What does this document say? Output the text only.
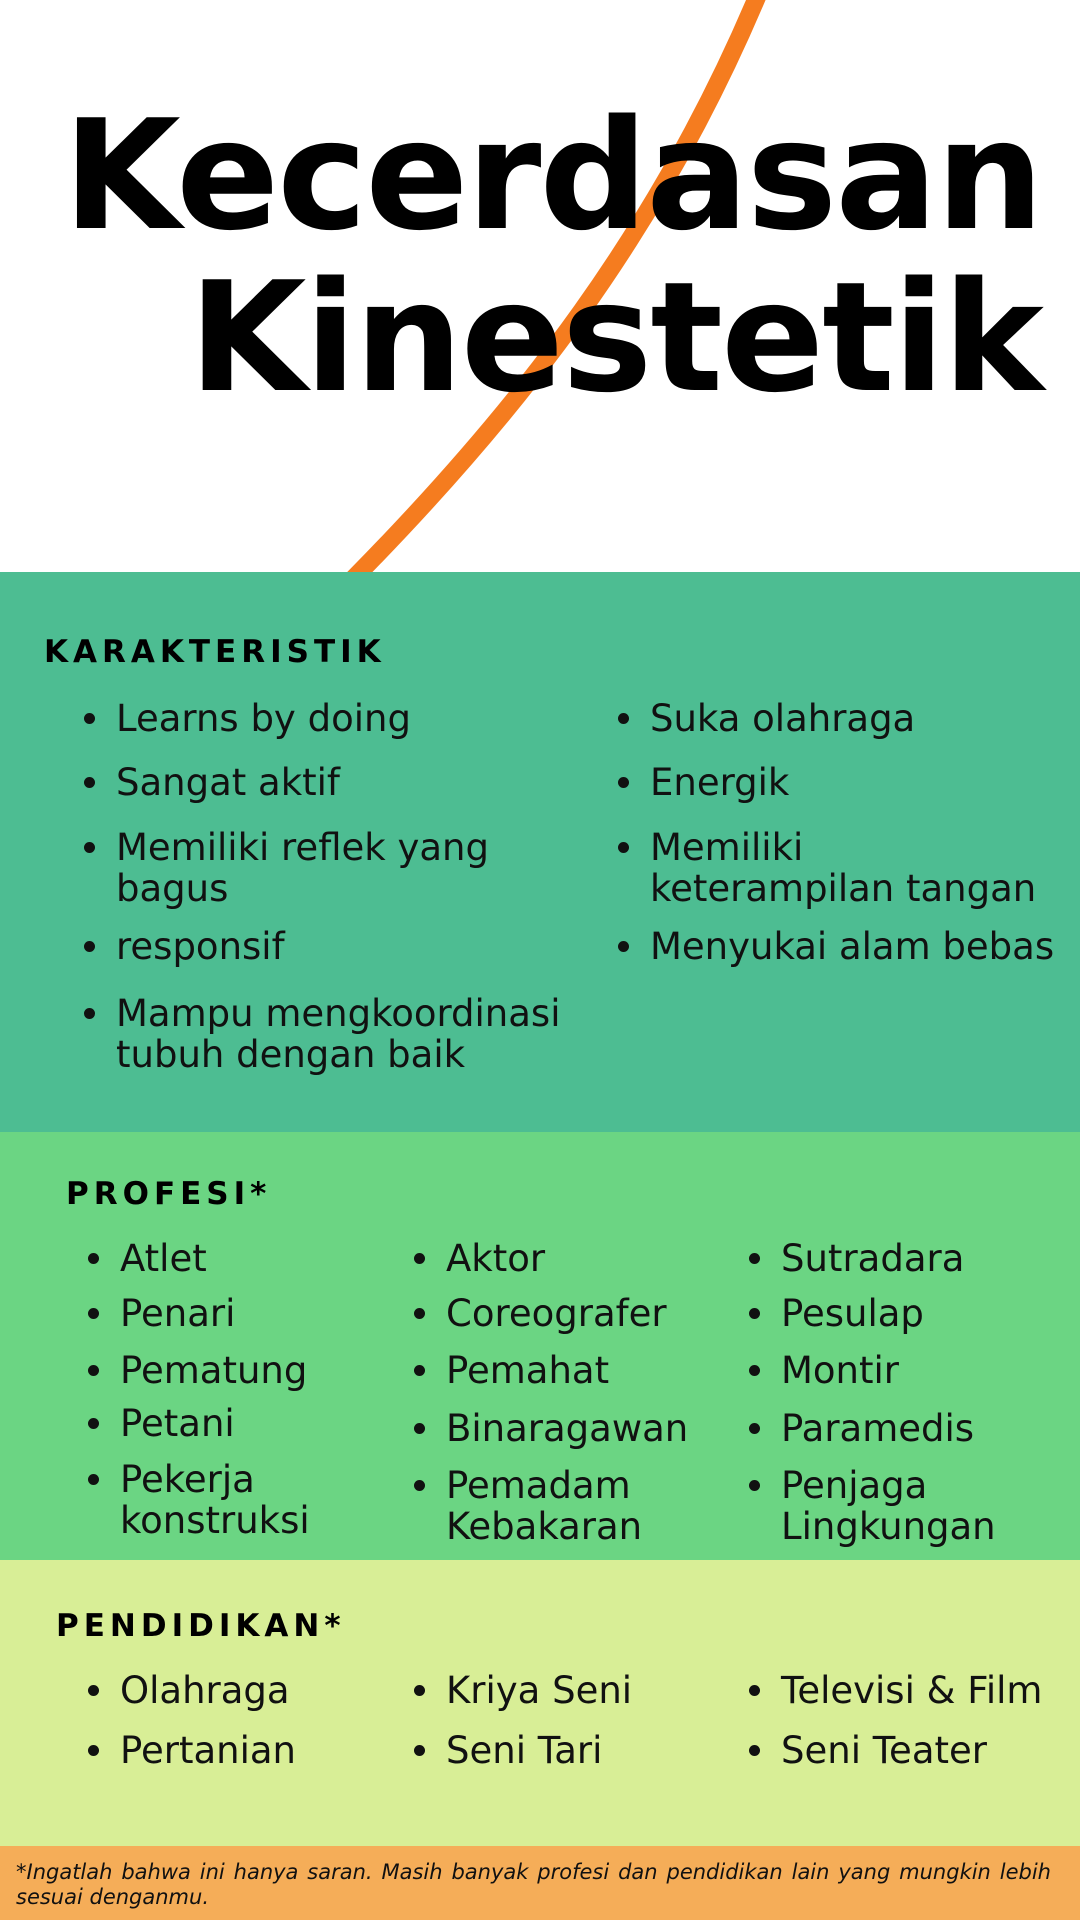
Kecerdasan
Kinestetik
KARAKTERISTIK
Learns by doing
Sangat aktif
Memiliki reflek yang
bagus
responsif
Mampu mengkoordinasi
tubuh dengan baik
Suka olahraga
Energik
Memiliki
keterampilan tangan
Menyukai alam bebas
PROFESI*
Atlet
Penari
Pematung
Petani
Pekerja
konstruksi
Aktor
Coreografer
Pemahat
Binaragawan
Pemadam
Kebakaran
Sutradara
Pesulap
Montir
Paramedis
Penjaga
Lingkungan
PENDIDIKAN*
Olahraga
Pertanian
Kriya Seni
Seni Tari
Televisi & Film
Seni Teater

*Ingatlah bahwa ini hanya saran. Masih banyak profesi dan pendidikan lain yang mungkin lebih sesuai denganmu.
